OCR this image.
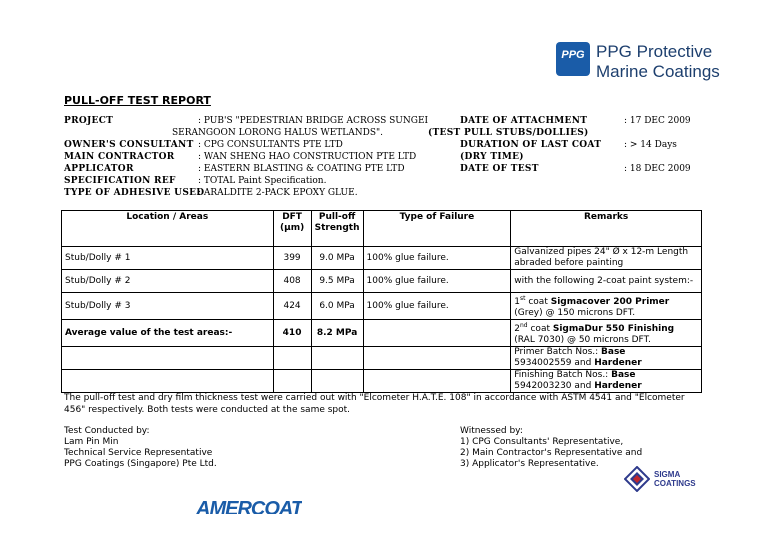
PPG PPG Protective
Marine Coatings
PULL-OFF TEST REPORT
PROJECT	: PUB'S "PEDESTRIAN BRIDGE ACROSS SUNGEI
SERANGOON LORONG HALUS WETLANDS".
OWNER'S CONSULTANT : CPG CONSULTANTS PTE LTD
MAIN CONTRACTOR	: WAN SHENG HAO CONSTRUCTION PTE LTD
APPLICATOR	: EASTERN BLASTING & COATING PTE LTD
SPECIFICATION REF : TOTAL Paint Specification.
TYPE OF ADHESIVE USED
: ARALDITE 2-PACK EPOXY GLUE.
DATE OF ATTACHMENT	: 17 DEC 2009
(TEST PULL STUBS/DOLLIES)
DURATION OF LAST COAT	: > 14 Days
(DRY TIME)
DATE OF TEST	: 18 DEC 2009
Location / Areas	DFT (µm)	Pull-off Strength	Type of Failure	Remarks
Stub/Dolly # 1	399	9.0 MPa	100% glue failure.	Galvanized pipes 24" Ø x 12-m Length abraded before painting
Stub/Dolly # 2	408	9.5 MPa	100% glue failure.	with the following 2-coat paint system:-
Stub/Dolly # 3	424	6.0 MPa	100% glue failure.	1st coat Sigmacover 200 Primer
(Grey) @ 150 microns DFT.
Average value of the test areas:-	410	8.2 MPa		2nd coat SigmaDur 550 Finishing
(RAL 7030) @ 50 microns DFT.
				Primer Batch Nos.: Base
5934002559 and Hardener
				Finishing Batch Nos.: Base
5942003230 and Hardener
The pull-off test and dry film thickness test were carried out with "Elcometer H.A.T.E. 108" in accordance with ASTM 4541 and "Elcometer 456" respectively. Both tests were conducted at the same spot.
Test Conducted by:
Lam Pin Min
Technical Service Representative
PPG Coatings (Singapore) Pte Ltd.
Witnessed by:
1) CPG Consultants' Representative,
2) Main Contractor's Representative and
3) Applicator's Representative.
SIGMA
COATINGS
AMERCOAT
